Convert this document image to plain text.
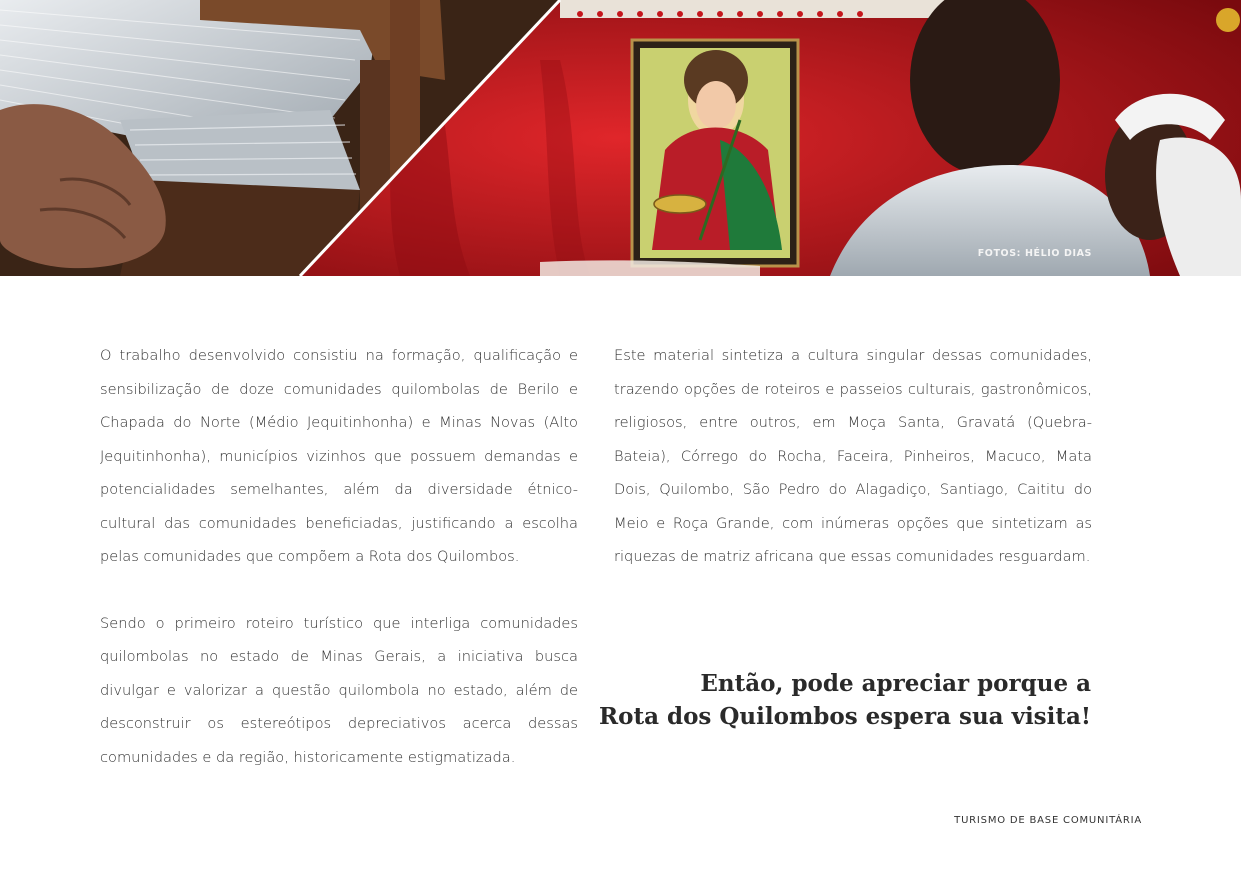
FOTOS: HÉLIO DIAS

O trabalho desenvolvido consistiu na formação, qualificação e sensibilização de doze comunidades quilombolas de Berilo e Chapada do Norte (Médio Jequitinhonha) e Minas Novas (Alto Jequitinhonha), municípios vizinhos que possuem demandas e potencialidades semelhantes, além da diversidade étnico-cultural das comunidades beneficiadas, justificando a escolha pelas comunidades que compõem a Rota dos Quilombos.

Sendo o primeiro roteiro turístico que interliga comunidades quilombolas no estado de Minas Gerais, a iniciativa busca divulgar e valorizar a questão quilombola no estado, além de desconstruir os estereótipos depreciativos acerca dessas comunidades e da região, historicamente estigmatizada.

Este material sintetiza a cultura singular dessas comunidades, trazendo opções de roteiros e passeios culturais, gastronômicos, religiosos, entre outros, em Moça Santa, Gravatá (Quebra-Bateia), Córrego do Rocha, Faceira, Pinheiros, Macuco, Mata Dois, Quilombo, São Pedro do Alagadiço, Santiago, Caititu do Meio e Roça Grande, com inúmeras opções que sintetizam as riquezas de matriz africana que essas comunidades resguardam.

Então, pode apreciar porque a
Rota dos Quilombos espera sua visita!
TURISMO DE BASE COMUNITÁRIA
